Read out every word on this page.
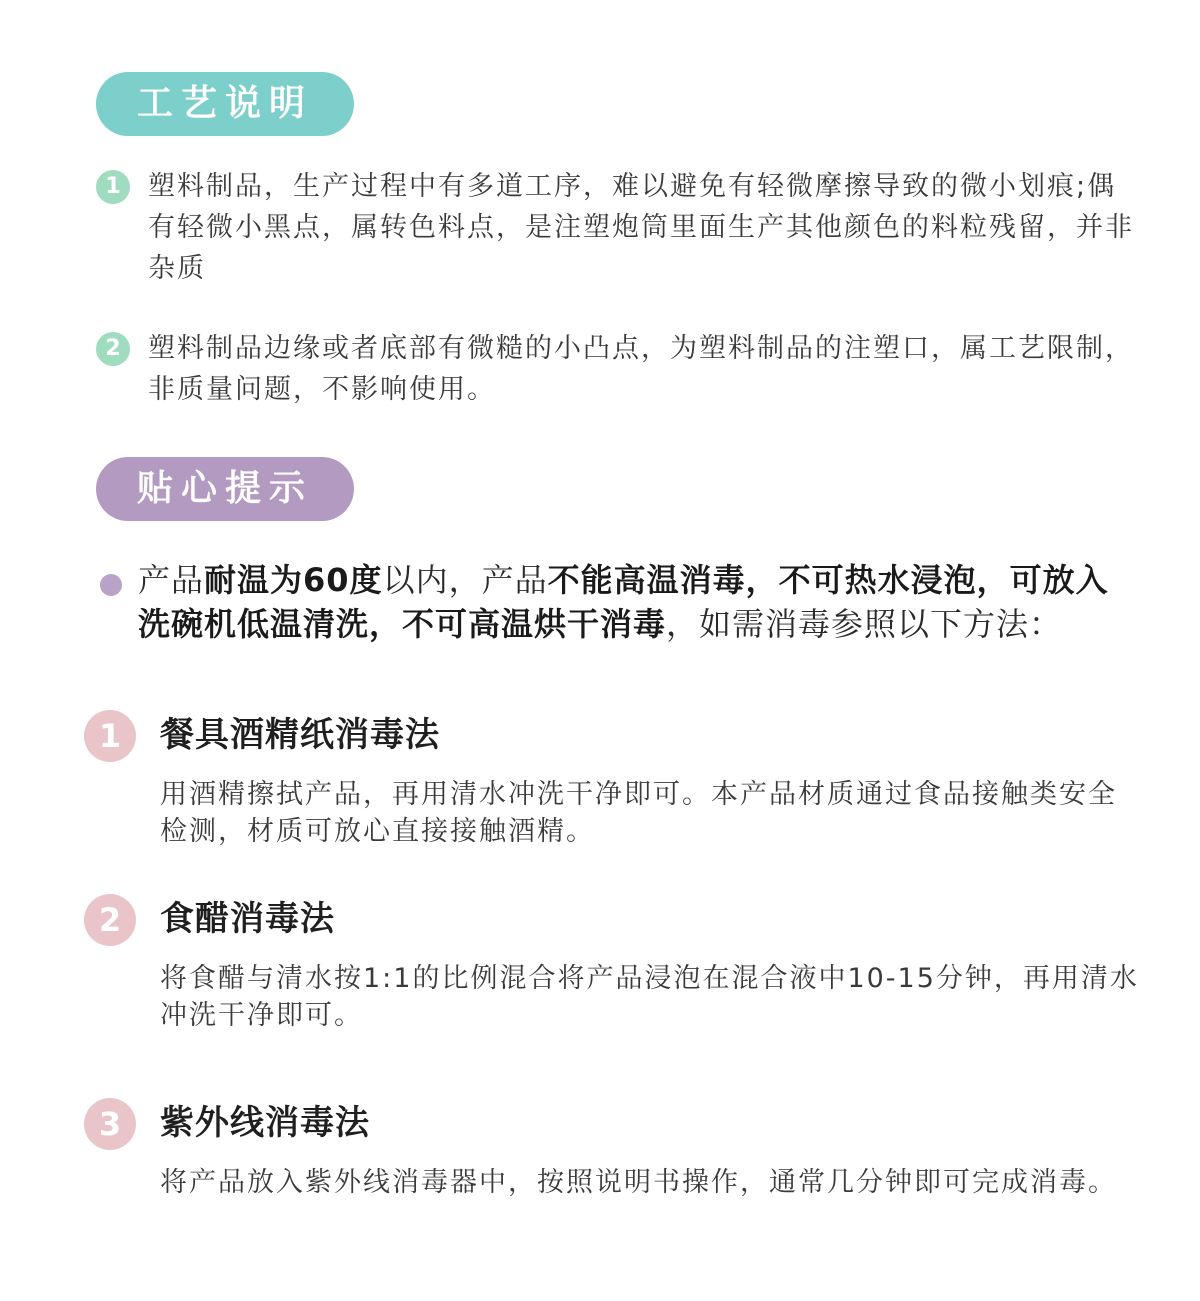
工艺说明
1	塑料制品，生产过程中有多道工序，难以避免有轻微摩擦导致的微小划痕;偶有轻微小黑点，属转色料点，是注塑炮筒里面生产其他颜色的料粒残留，并非杂质
2	塑料制品边缘或者底部有微糙的小凸点，为塑料制品的注塑口，属工艺限制，非质量问题，不影响使用。
贴心提示
产品耐温为60度以内，产品不能高温消毒，不可热水浸泡，可放入洗碗机低温清洗，不可高温烘干消毒，如需消毒参照以下方法：
1	餐具酒精纸消毒法
用酒精擦拭产品，再用清水冲洗干净即可。本产品材质通过食品接触类安全检测，材质可放心直接接触酒精。
2	食醋消毒法
将食醋与清水按1:1的比例混合将产品浸泡在混合液中10-15分钟，再用清水冲洗干净即可。
3	紫外线消毒法
将产品放入紫外线消毒器中，按照说明书操作，通常几分钟即可完成消毒。
